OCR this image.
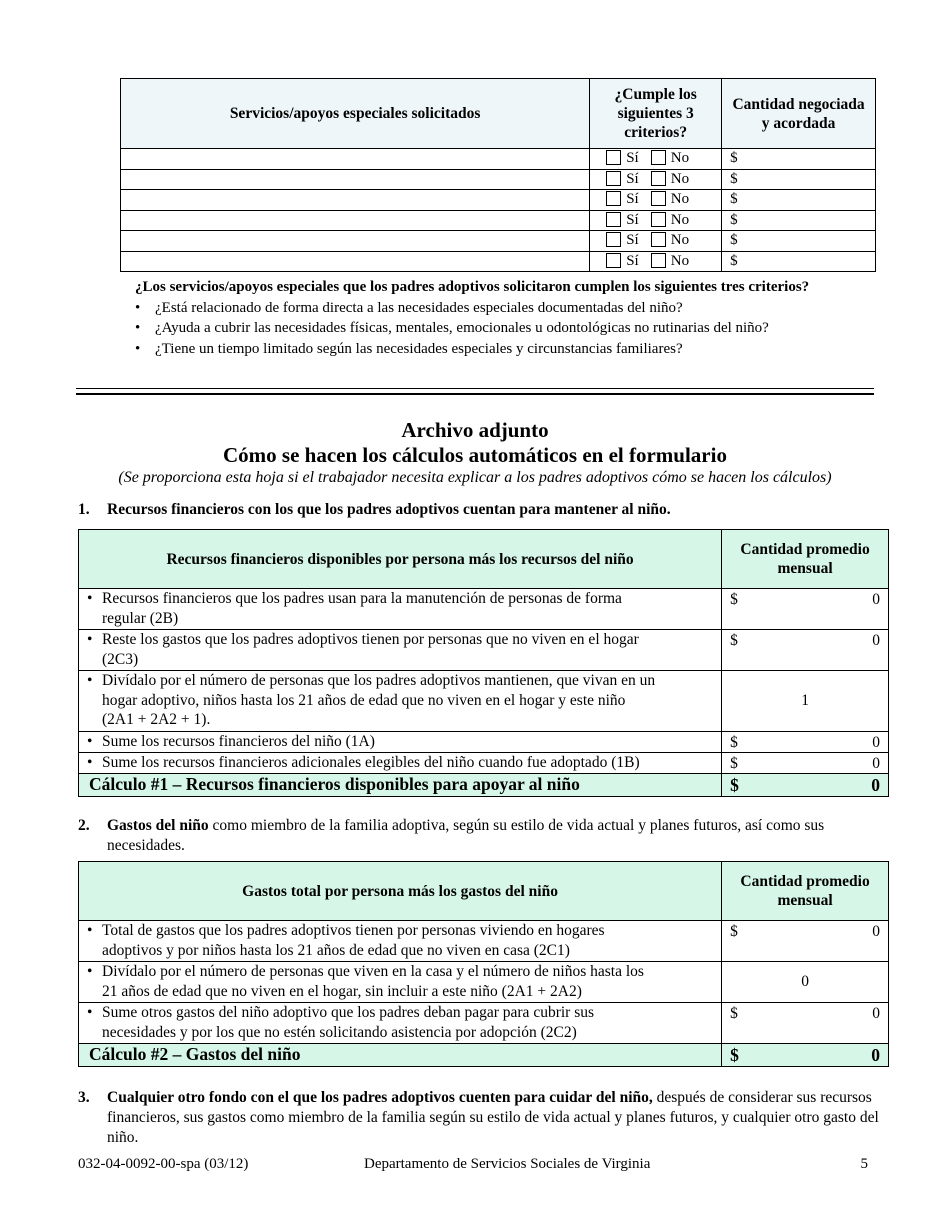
Servicios/apoyos especiales solicitados	¿Cumple los siguientes 3 criterios?	Cantidad negociada y acordada
	Sí No	$
	Sí No	$
	Sí No	$
	Sí No	$
	Sí No	$
	Sí No	$

¿Los servicios/apoyos especiales que los padres adoptivos solicitaron cumplen los siguientes tres criterios?

• ¿Está relacionado de forma directa a las necesidades especiales documentadas del niño?
• ¿Ayuda a cubrir las necesidades físicas, mentales, emocionales u odontológicas no rutinarias del niño?
• ¿Tiene un tiempo limitado según las necesidades especiales y circunstancias familiares?
Archivo adjunto
Cómo se hacen los cálculos automáticos en el formulario
(Se proporciona esta hoja si el trabajador necesita explicar a los padres adoptivos cómo se hacen los cálculos)
1. Recursos financieros con los que los padres adoptivos cuentan para mantener al niño.
Recursos financieros disponibles por persona más los recursos del niño	Cantidad promedio mensual
• Recursos financieros que los padres usan para la manutención de personas de forma
regular (2B)	$ 0

• Reste los gastos que los padres adoptivos tienen por personas que no viven en el hogar
(2C3)	$ 0

• Divídalo por el número de personas que los padres adoptivos mantienen, que vivan en un
hogar adoptivo, niños hasta los 21 años de edad que no viven en el hogar y este niño
(2A1 + 2A2 + 1).	1
• Sume los recursos financieros del niño (1A)	$ 0

• Sume los recursos financieros adicionales elegibles del niño cuando fue adoptado (1B)	$ 0

Cálculo #1 – Recursos financieros disponibles para apoyar al niño	$ 0
2. Gastos del niño como miembro de la familia adoptiva, según su estilo de vida actual y planes futuros, así como sus necesidades.
Gastos total por persona más los gastos del niño	Cantidad promedio mensual
• Total de gastos que los padres adoptivos tienen por personas viviendo en hogares
adoptivos y por niños hasta los 21 años de edad que no viven en casa (2C1)	$ 0

• Divídalo por el número de personas que viven en la casa y el número de niños hasta los
21 años de edad que no viven en el hogar, sin incluir a este niño (2A1 + 2A2)	0
• Sume otros gastos del niño adoptivo que los padres deban pagar para cubrir sus
necesidades y por los que no estén solicitando asistencia por adopción (2C2)	$ 0

Cálculo #2 – Gastos del niño	$ 0
3. Cualquier otro fondo con el que los padres adoptivos cuenten para cuidar del niño, después de considerar sus recursos financieros, sus gastos como miembro de la familia según su estilo de vida actual y planes futuros, y cualquier otro gasto del niño.
032-04-0092-00-spa (03/12)	Departamento de Servicios Sociales de Virginia	5
